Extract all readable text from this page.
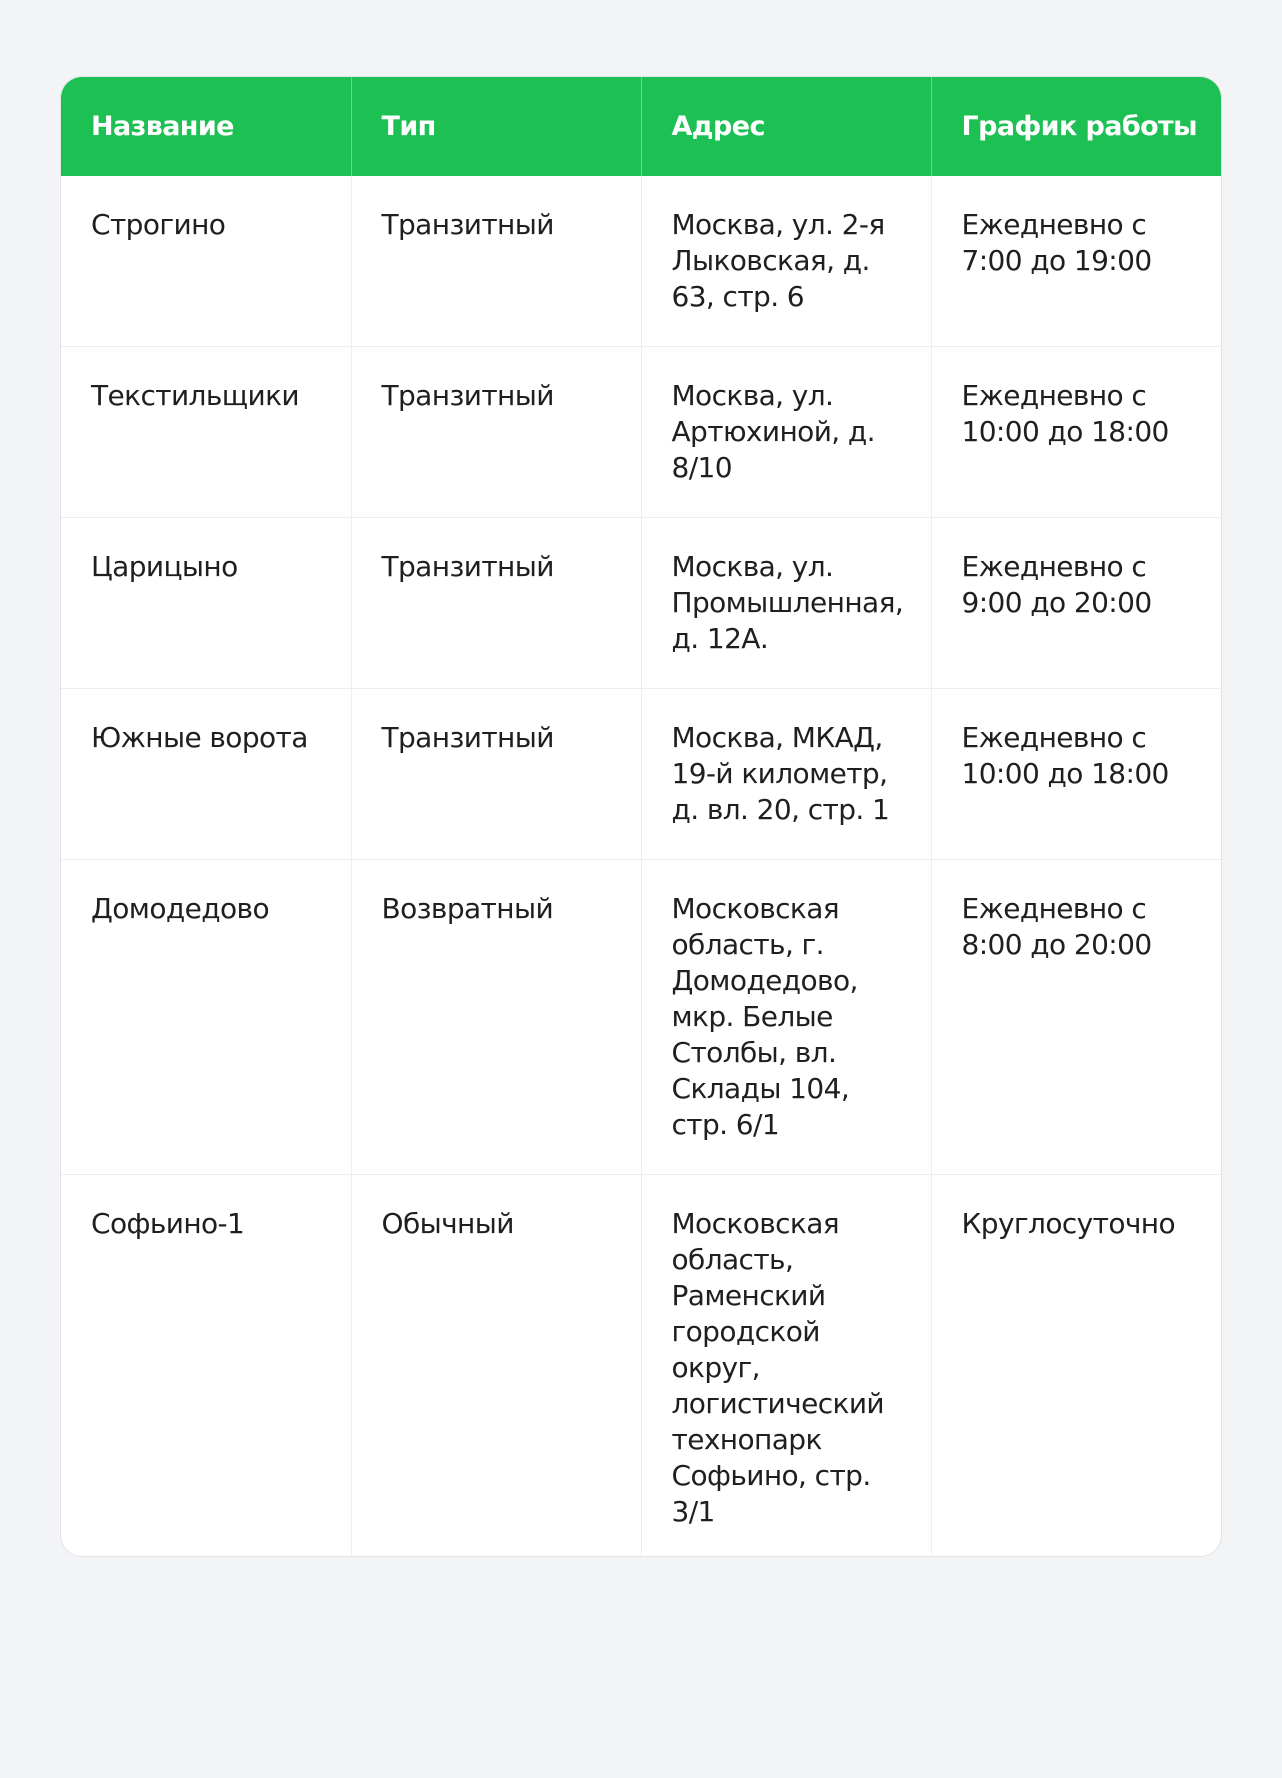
Название	Тип	Адрес	График работы
Строгино	Транзитный	Москва, ул. 2-я Лыковская, д. 63, стр. 6	Ежедневно с 7:00 до 19:00
Текстильщики	Транзитный	Москва, ул. Артюхиной, д. 8/10	Ежедневно с 10:00 до 18:00
Царицыно	Транзитный	Москва, ул. Промышленная, д. 12А.	Ежедневно с 9:00 до 20:00
Южные ворота	Транзитный	Москва, МКАД, 19-й километр, д. вл. 20, стр. 1	Ежедневно с 10:00 до 18:00
Домодедово	Возвратный	Московская область, г. Домодедово, мкр. Белые Столбы, вл. Склады 104, стр. 6/1	Ежедневно с 8:00 до 20:00
Софьино-1	Обычный	Московская область, Раменский городской округ, логистический технопарк Софьино, стр. 3/1	Круглосуточно
